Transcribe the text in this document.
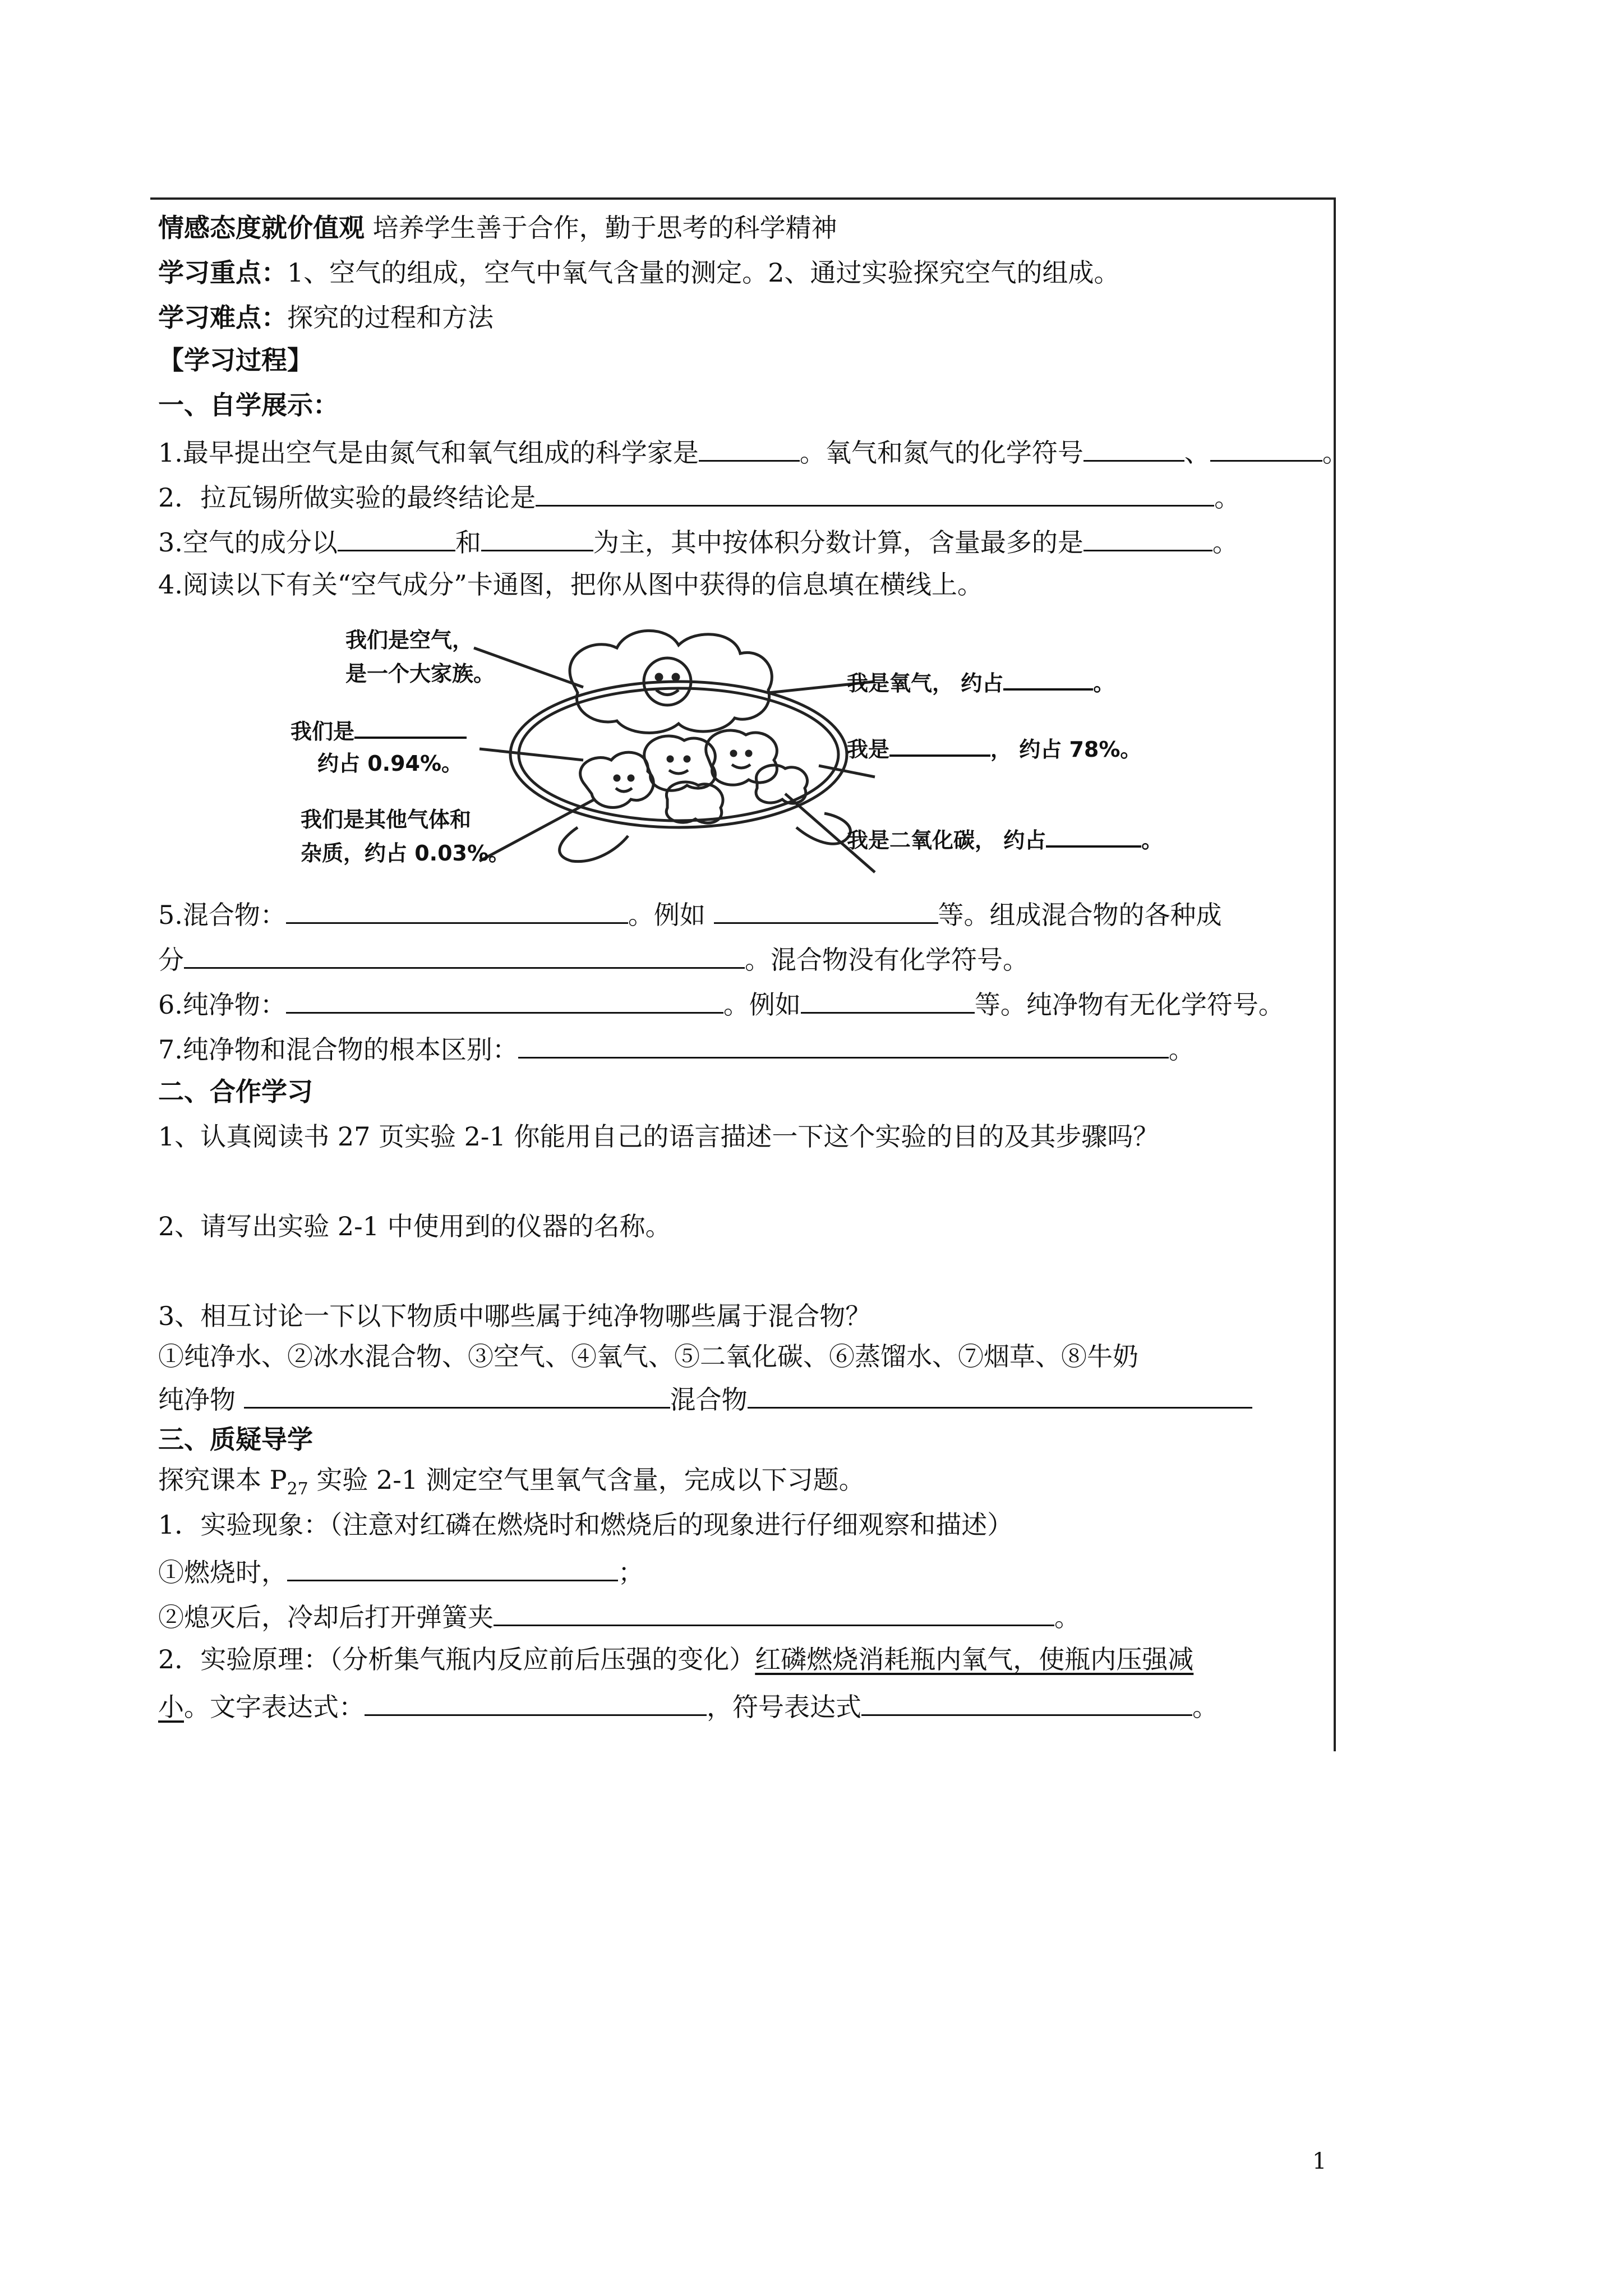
情感态度就价值观 培养学生善于合作，勤于思考的科学精神
学习重点：1、空气的组成，空气中氧气含量的测定。2、通过实验探究空气的组成。
学习难点：探究的过程和方法
【学习过程】
一、自学展示：
1.最早提出空气是由氮气和氧气组成的科学家是	。氧气和氮气的化学符号	、	。
2．拉瓦锡所做实验的最终结论是	。
3.空气的成分以	和	为主，其中按体积分数计算，含量最多的是	。
4.阅读以下有关“空气成分”卡通图，把你从图中获得的信息填在横线上。
我们是空气，
是一个大家族。	我是氧气， 约占	。
我们是
约占 0.94%。
我是	， 约占 78%。
我们是其他气体和
杂质，约占 0.03%。
我是二氧化碳， 约占	。
5.混合物：	。例如	等。组成混合物的各种成
分	。混合物没有化学符号。
6.纯净物：	。例如	等。纯净物有无化学符号。
7.纯净物和混合物的根本区别：	。
二、合作学习
1、认真阅读书 27 页实验 2-1 你能用自己的语言描述一下这个实验的目的及其步骤吗？
2、请写出实验 2-1 中使用到的仪器的名称。
3、相互讨论一下以下物质中哪些属于纯净物哪些属于混合物？
①纯净水、②冰水混合物、③空气、④氧气、⑤二氧化碳、⑥蒸馏水、⑦烟草、⑧牛奶
纯净物	混合物
三、质疑导学
探究课本 $P_{27}$ 实验 2-1 测定空气里氧气含量，完成以下习题。
1．实验现象：（注意对红磷在燃烧时和燃烧后的现象进行仔细观察和描述）
①燃烧时，	；
②熄灭后，冷却后打开弹簧夹	。
2．实验原理：（分析集气瓶内反应前后压强的变化）红磷燃烧消耗瓶内氧气，使瓶内压强减
小。文字表达式：	，符号表达式	。
1
